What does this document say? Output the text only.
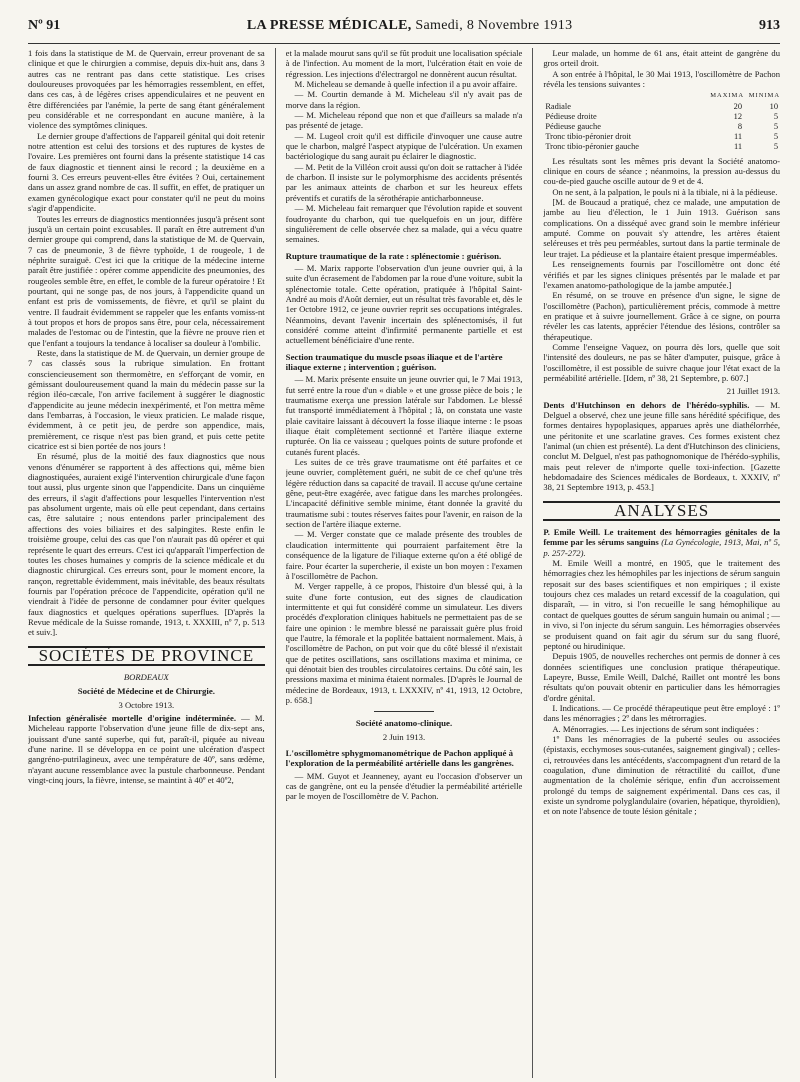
Nº 91	LA PRESSE MÉDICALE, Samedi, 8 Novembre 1913	913

1 fois dans la statistique de M. de Quervain, erreur provenant de sa clinique et que le chirurgien a commise, depuis dix-huit ans, dans 3 autres cas ne rentrant pas dans cette statistique. Les crises douloureuses provoquées par les hémorragies ressemblent, en effet, dans ces cas, à de légères crises appendiculaires et ne peuvent en être différenciées par l'anémie, la perte de sang étant généralement peu considérable et ne correspondant en aucune manière, à la violence des symptômes cliniques.

Le dernier groupe d'affections de l'appareil génital qui doit retenir notre attention est celui des torsions et des ruptures de kystes de l'ovaire. Les premières ont fourni dans la présente statistique 14 cas de faux diagnostic et tiennent ainsi le record ; la deuxième en a fourni 3. Ces erreurs peuvent-elles être évitées ? Oui, certainement dans un assez grand nombre de cas. Il suffit, en effet, de pratiquer un examen gynécologique exact pour constater qu'il ne peut du moins s'agir d'appendicite.

Toutes les erreurs de diagnostics mentionnées jusqu'à présent sont jusqu'à un certain point excusables. Il paraît en être autrement d'un dernier groupe qui comprend, dans la statistique de M. de Quervain, 7 cas de pneumonie, 3 de fièvre typhoïde, 1 de rougeole, 1 de néphrite suraiguë. C'est ici que la critique de la médecine interne paraît être justifiée : opérer comme appendicite des pneumonies, des rougeoles semble être, en effet, le comble de la fureur opératoire ! Et pourtant, qui ne songe pas, de nos jours, à l'appendicite quand un enfant est pris de vomissements, de fièvre, et qu'il se plaint du ventre. Il faudrait évidemment se rappeler que les enfants vomiss-nt à tout propos et hors de propos sans être, pour cela, nécessairement malades de l'estomac ou de l'intestin, que la fièvre ne prouve rien et que l'enfant a toujours la tendance à localiser sa douleur à l'ombilic.

Reste, dans la statistique de M. de Quervain, un dernier groupe de 7 cas classés sous la rubrique simulation. En frottant consciencieusement son thermomètre, en s'efforçant de vomir, en gémissant douloureusement quand la main du médecin passe sur la région iléo-cæcale, l'on arrive facilement à suggérer le diagnostic d'appendicite au jeune médecin inexpérimenté, et l'on mettra même dans l'embarras, à l'occasion, le vieux praticien. Le malade risque, évidemment, à ce petit jeu, de perdre son appendice, mais, premièrement, ce risque n'est pas bien grand, et puis cette petite cicatrice est si bien portée de nos jours !

En résumé, plus de la moitié des faux diagnostics que nous venons d'énumérer se rapportent à des affections qui, même bien diagnostiquées, auraient exigé l'intervention chirurgicale d'une façon tout aussi, plus urgente sinon que l'appendicite. Dans un cinquième des erreurs, il s'agit d'affections pour lesquelles l'intervention n'est pas absolument urgente, mais où elle peut cependant, dans certains cas, être salutaire ; nous entendons parler principalement des affections des voies biliaires et des salpingites. Reste enfin le troisième groupe, celui des cas que l'on n'aurait pas dû opérer et qui représente le quart des erreurs. C'est ici qu'apparaît l'imperfection de toutes les choses humaines y compris de la science médicale et du diagnostic chirurgical. Ces erreurs sont, pour le moment encore, la rançon, regrettable évidemment, mais inévitable, des beaux résultats fournis par l'opération précoce de l'appendicite, opération qu'il ne viendrait à l'idée de personne de condamner pour éviter quelques faux diagnostics et quelques opérations superflues. [D'après la Revue médicale de la Suisse romande, 1913, t. XXXIII, nº 7, p. 513 et suiv.].

SOCIÉTÉS DE PROVINCE
BORDEAUX
Société de Médecine et de Chirurgie.
3 Octobre 1913.

Infection généralisée mortelle d'origine indéterminée. — M. Micheleau rapporte l'observation d'une jeune fille de dix-sept ans, jouissant d'une santé superbe, qui fut, paraît-il, piquée au niveau d'une narine. Il se développa en ce point une ulcération d'aspect gangréno-putrilagineux, avec une température de 40º, sans œdème, n'ayant aucune ressemblance avec la pustule charbonneuse. Pendant vingt-cinq jours, la fièvre, intense, se maintint à 40º et 40º2,

et la malade mourut sans qu'il se fût produit une localisation spéciale à de l'infection. Au moment de la mort, l'ulcération était en voie de régression. Les injections d'électrargol ne donnèrent aucun résultat.

M. Micheleau se demande à quelle infection il a pu avoir affaire.

— M. Courtin demande à M. Micheleau s'il n'y avait pas de morve dans la région.

— M. Micheleau répond que non et que d'ailleurs sa malade n'a pas présenté de jetage.

— M. Lugeol croit qu'il est difficile d'invoquer une cause autre que le charbon, malgré l'aspect atypique de l'ulcération. Un examen bactériologique du sang aurait pu éclairer le diagnostic.

— M. Petit de la Villéon croit aussi qu'on doit se rattacher à l'idée de charbon. Il insiste sur le polymorphisme des accidents présentés par les animaux atteints de charbon et sur les heureux effets préventifs et curatifs de la sérothérapie anticharbonneuse.

— M. Micheleau fait remarquer que l'évolution rapide et souvent foudroyante du charbon, qui tue quelquefois en un jour, diffère singulièrement de celle observée chez sa malade, qui a vécu quatre semaines.

Rupture traumatique de la rate : splénectomie : guérison.

— M. Marix rapporte l'observation d'un jeune ouvrier qui, à la suite d'un écrasement de l'abdomen par la roue d'une voiture, subit la splénectomie totale. Cette opération, pratiquée à l'hôpital Saint-André au mois d'Août dernier, eut un résultat très favorable et, dès le 1er Octobre 1912, ce jeune ouvrier reprit ses occupations intégrales. Néanmoins, devant l'avenir incertain des splénectomisés, il fut considéré comme atteint d'infirmité permanente partielle et est actuellement bénéficiaire d'une rente.

Section traumatique du muscle psoas iliaque et de l'artère iliaque externe ; intervention ; guérison.

— M. Marix présente ensuite un jeune ouvrier qui, le 7 Mai 1913, fut serré entre la roue d'un « diable » et une grosse pièce de bois ; le traumatisme exerça une pression latérale sur l'abdomen. Le blessé fut transporté immédiatement à l'hôpital ; là, on constata une vaste plaie cavitaire laissant à découvert la fosse iliaque interne : le psoas iliaque était complètement sectionné et l'artère iliaque externe rupturée. On lia ce vaisseau ; quelques points de suture profonde et cutanés furent placés.

Les suites de ce très grave traumatisme ont été parfaites et ce jeune ouvrier, complètement guéri, ne subit de ce chef qu'une très légère réduction dans sa capacité de travail. Il accuse qu'une certaine gêne, peut-être exagérée, avec fatigue dans les marches prolongées. L'incapacité définitive semble minime, étant donnée la gravité du traumatisme subi : toutes réserves faites pour l'avenir, en raison de la section de l'artère iliaque externe.

— M. Verger constate que ce malade présente des troubles de claudication intermittente qui pourraient parfaitement être la conséquence de la ligature de l'iliaque externe qu'on a été obligé de faire. Pour écarter la supercherie, il existe un bon moyen : l'examen à l'oscillomètre de Pachon.

M. Verger rappelle, à ce propos, l'histoire d'un blessé qui, à la suite d'une forte contusion, eut des signes de claudication intermittente et qui fut considéré comme un simulateur. Les divers procédés d'exploration cliniques habituels ne permettaient pas de se faire une opinion : le membre blessé ne paraissait guère plus froid que l'autre, la fémorale et la poplitée battaient normalement. Mais, à l'oscillomètre de Pachon, on put voir que du côté blessé il n'existait que de petites oscillations, sans oscillations maxima et minima, ce qui dénotait bien des troubles circulatoires certains. Du côté sain, les pressions maxima et minima étaient normales. [D'après le Journal de médecine de Bordeaux, 1913, t. LXXXIV, nº 41, 1913, 12 Octobre, p. 658.]

Société anatomo-clinique.
2 Juin 1913.
L'oscillomètre sphygmomanométrique de Pachon appliqué à l'exploration de la perméabilité artérielle dans les gangrènes.

— MM. Guyot et Jeanneney, ayant eu l'occasion d'observer un cas de gangrène, ont eu la pensée d'étudier la perméabilité artérielle par le moyen de l'oscillomètre de V. Pachon.

Leur malade, un homme de 61 ans, était atteint de gangrène du gros orteil droit.

A son entrée à l'hôpital, le 30 Mai 1913, l'oscillomètre de Pachon révéla les tensions suivantes :

	MAXIMA	MINIMA
Radiale	20	10
Pédieuse droite	12	5
Pédieuse gauche	8	5
Tronc tibio-péronier droit	11	5
Tronc tibio-péronier gauche	11	5

Les résultats sont les mêmes pris devant la Société anatomo-clinique en cours de séance ; néanmoins, la pression au-dessus du cou-de-pied gauche oscille autour de 9 et de 4.

On ne sent, à la palpation, le pouls ni à la tibiale, ni à la pédieuse.

[M. de Boucaud a pratiqué, chez ce malade, une amputation de jambe au lieu d'élection, le 1 Juin 1913. Guérison sans complications. On a disséqué avec grand soin le membre inférieur amputé. Comme on pouvait s'y attendre, les artères étaient seléreuses et très peu perméables, surtout dans la partie terminale de leur trajet. La pédieuse et la plantaire étaient presque imperméables.

Les renseignements fournis par l'oscillomètre ont donc été vérifiés et par les signes cliniques présentés par le malade et par l'examen anatomo-pathologique de la jambe amputée.]

En résumé, on se trouve en présence d'un signe, le signe de l'oscillomètre (Pachon), particulièrement précis, commode à mettre en pratique et à suivre journellement. Grâce à ce signe, on pourra révéler les cas latents, apprécier l'étendue des lésions, contrôler sa thérapeutique.

Comme l'enseigne Vaquez, on pourra dès lors, quelle que soit l'intensité des douleurs, ne pas se hâter d'amputer, puisque, grâce à l'oscillomètre, il est possible de suivre chaque jour l'état exact de la perméabilité artérielle. [Idem, nº 38, 21 Septembre, p. 607.]

21 Juillet 1913.

Dents d'Hutchinson en dehors de l'hérédo-syphilis. — M. Delguel a observé, chez une jeune fille sans hérédité spécifique, des formes dentaires hypoplasiques, apparues après une diathélorrhée, une péritonite et une scarlatine graves. Ces formes existent chez l'animal (un chien est présenté). La dent d'Hutchinson des cliniciens, conclut M. Delguel, n'est pas pathognomonique de l'hérédo-syphilis, mais peut relever de n'importe quelle toxi-infection. [Gazette hebdomadaire des Sciences médicales de Bordeaux, t. XXXIV, nº 38, 21 Septembre 1913, p. 453.]

ANALYSES

P. Emile Weill. Le traitement des hémorragies génitales de la femme par les sérums sanguins (La Gynécologie, 1913, Mai, nº 5, p. 257-272).

M. Emile Weill a montré, en 1905, que le traitement des hémorragies chez les hémophiles par les injections de sérum sanguin reposait sur des bases scientifiques et non empiriques ; il existe toujours chez ces malades un retard excessif de la coagulation, qui disparaît, — in vitro, si l'on recueille le sang hémophilique au contact de quelques gouttes de sérum sanguin humain ou animal ; — in vivo, si l'on injecte du sérum sanguin. Les hémorragies observées se produisent quand on fait agir du sérum sur du sang fluoré, peptoné ou hirudinique.

Depuis 1905, de nouvelles recherches ont permis de donner à ces données scientifiques une conclusion pratique thérapeutique. Lapeyre, Busse, Emile Weill, Dalché, Raillet ont montré les bons résultats qu'on pouvait obtenir en particulier dans les hémorragies d'ordre génital.

I. Indications. — Ce procédé thérapeutique peut être employé : 1º dans les ménorragies ; 2º dans les métrorragies.

A. Ménorragies. — Les injections de sérum sont indiquées :

1º Dans les ménorragies de la puberté seules ou associées (épistaxis, ecchymoses sous-cutanées, saignement gingival) ; celles-ci, retrouvées dans les antécédents, s'accompagnent d'un retard de la coagulation, d'une diminution de rétractilité du caillot, d'une augmentation de la cholémie sérique, enfin d'un accroissement prolongé du temps de saignement expérimental. Dans ces cas, il existe un syndrome polyglandulaire (ovarien, hépatique, thyroïdien), et on note l'absence de toute lésion génitale ;
